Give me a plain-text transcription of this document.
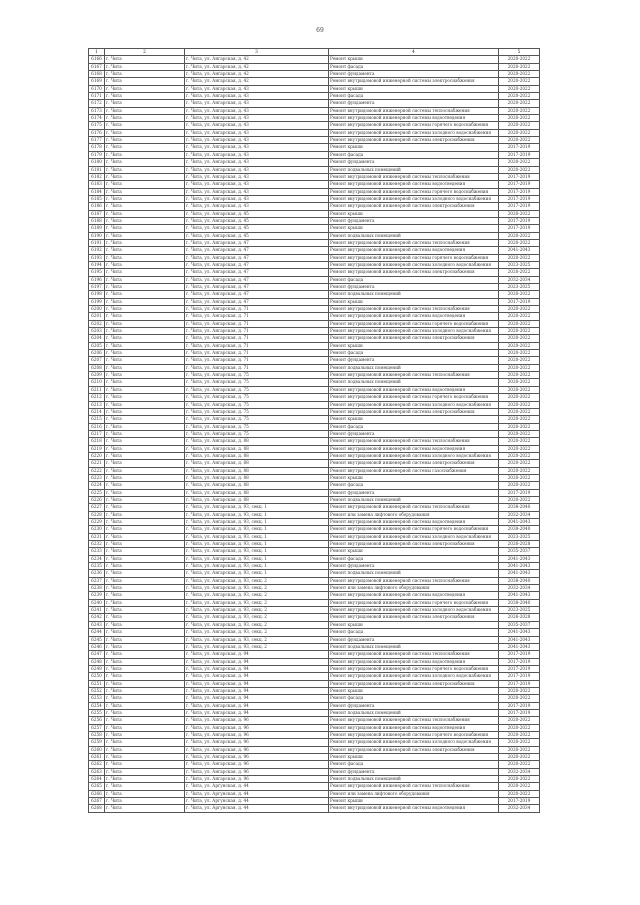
69
1	2	3	4	5
6166	г. Чита	г. Чита, ул. Ангарская, д. 42	Ремонт крыши	2020-2022
6167	г. Чита	г. Чита, ул. Ангарская, д. 42	Ремонт фасада	2020-2022
6168	г. Чита	г. Чита, ул. Ангарская, д. 42	Ремонт фундамента	2020-2022
6169	г. Чита	г. Чита, ул. Ангарская, д. 42	Ремонт внутридомовой инженерной системы электроснабжения	2020-2022
6170	г. Чита	г. Чита, ул. Ангарская, д. 43	Ремонт крыши	2020-2022
6171	г. Чита	г. Чита, ул. Ангарская, д. 43	Ремонт фасада	2020-2022
6172	г. Чита	г. Чита, ул. Ангарская, д. 43	Ремонт фундамента	2020-2022
6173	г. Чита	г. Чита, ул. Ангарская, д. 43	Ремонт внутридомовой инженерной системы теплоснабжения	2020-2022
6174	г. Чита	г. Чита, ул. Ангарская, д. 43	Ремонт внутридомовой инженерной системы водоотведения	2020-2022
6175	г. Чита	г. Чита, ул. Ангарская, д. 43	Ремонт внутридомовой инженерной системы горячего водоснабжения	2020-2022
6176	г. Чита	г. Чита, ул. Ангарская, д. 43	Ремонт внутридомовой инженерной системы холодного водоснабжения	2020-2022
6177	г. Чита	г. Чита, ул. Ангарская, д. 43	Ремонт внутридомовой инженерной системы электроснабжения	2020-2022
6178	г. Чита	г. Чита, ул. Ангарская, д. 43	Ремонт крыши	2017-2019
6179	г. Чита	г. Чита, ул. Ангарская, д. 43	Ремонт фасада	2017-2019
6180	г. Чита	г. Чита, ул. Ангарская, д. 43	Ремонт фундамента	2020-2022
6181	г. Чита	г. Чита, ул. Ангарская, д. 43	Ремонт подвальных помещений	2020-2022
6182	г. Чита	г. Чита, ул. Ангарская, д. 43	Ремонт внутридомовой инженерной системы теплоснабжения	2017-2019
6183	г. Чита	г. Чита, ул. Ангарская, д. 43	Ремонт внутридомовой инженерной системы водоотведения	2017-2019
6184	г. Чита	г. Чита, ул. Ангарская, д. 43	Ремонт внутридомовой инженерной системы горячего водоснабжения	2017-2019
6185	г. Чита	г. Чита, ул. Ангарская, д. 43	Ремонт внутридомовой инженерной системы холодного водоснабжения	2017-2019
6186	г. Чита	г. Чита, ул. Ангарская, д. 43	Ремонт внутридомовой инженерной системы электроснабжения	2017-2019
6187	г. Чита	г. Чита, ул. Ангарская, д. 45	Ремонт крыши	2020-2022
6188	г. Чита	г. Чита, ул. Ангарская, д. 45	Ремонт фундамента	2017-2019
6189	г. Чита	г. Чита, ул. Ангарская, д. 45	Ремонт крыши	2017-2019
6190	г. Чита	г. Чита, ул. Ангарская, д. 45	Ремонт подвальных помещений	2020-2022
6191	г. Чита	г. Чита, ул. Ангарская, д. 47	Ремонт внутридомовой инженерной системы теплоснабжения	2020-2022
6192	г. Чита	г. Чита, ул. Ангарская, д. 47	Ремонт внутридомовой инженерной системы водоотведения	2041-2043
6193	г. Чита	г. Чита, ул. Ангарская, д. 47	Ремонт внутридомовой инженерной системы горячего водоснабжения	2020-2022
6194	г. Чита	г. Чита, ул. Ангарская, д. 47	Ремонт внутридомовой инженерной системы холодного водоснабжения	2023-2025
6195	г. Чита	г. Чита, ул. Ангарская, д. 47	Ремонт внутридомовой инженерной системы электроснабжения	2020-2022
6196	г. Чита	г. Чита, ул. Ангарская, д. 47	Ремонт фасада	2032-2034
6197	г. Чита	г. Чита, ул. Ангарская, д. 47	Ремонт фундамента	2023-2025
6198	г. Чита	г. Чита, ул. Ангарская, д. 47	Ремонт подвальных помещений	2020-2022
6199	г. Чита	г. Чита, ул. Ангарская, д. 47	Ремонт крыши	2017-2019
6200	г. Чита	г. Чита, ул. Ангарская, д. 71	Ремонт внутридомовой инженерной системы теплоснабжения	2020-2022
6201	г. Чита	г. Чита, ул. Ангарская, д. 71	Ремонт внутридомовой инженерной системы водоотведения	2020-2022
6202	г. Чита	г. Чита, ул. Ангарская, д. 71	Ремонт внутридомовой инженерной системы горячего водоснабжения	2020-2022
6203	г. Чита	г. Чита, ул. Ангарская, д. 71	Ремонт внутридомовой инженерной системы холодного водоснабжения	2020-2022
6204	г. Чита	г. Чита, ул. Ангарская, д. 71	Ремонт внутридомовой инженерной системы электроснабжения	2020-2022
6205	г. Чита	г. Чита, ул. Ангарская, д. 71	Ремонт крыши	2020-2022
6206	г. Чита	г. Чита, ул. Ангарская, д. 71	Ремонт фасада	2020-2022
6207	г. Чита	г. Чита, ул. Ангарская, д. 71	Ремонт фундамента	2020-2022
6208	г. Чита	г. Чита, ул. Ангарская, д. 71	Ремонт подвальных помещений	2020-2022
6209	г. Чита	г. Чита, ул. Ангарская, д. 75	Ремонт внутридомовой инженерной системы теплоснабжения	2020-2022
6210	г. Чита	г. Чита, ул. Ангарская, д. 75	Ремонт подвальных помещений	2020-2022
6211	г. Чита	г. Чита, ул. Ангарская, д. 75	Ремонт внутридомовой инженерной системы водоотведения	2020-2022
6212	г. Чита	г. Чита, ул. Ангарская, д. 75	Ремонт внутридомовой инженерной системы горячего водоснабжения	2020-2022
6213	г. Чита	г. Чита, ул. Ангарская, д. 75	Ремонт внутридомовой инженерной системы холодного водоснабжения	2020-2022
6214	г. Чита	г. Чита, ул. Ангарская, д. 75	Ремонт внутридомовой инженерной системы электроснабжения	2020-2022
6215	г. Чита	г. Чита, ул. Ангарская, д. 75	Ремонт крыши	2020-2022
6216	г. Чита	г. Чита, ул. Ангарская, д. 75	Ремонт фасада	2020-2022
6217	г. Чита	г. Чита, ул. Ангарская, д. 75	Ремонт фундамента	2020-2022
6218	г. Чита	г. Чита, ул. Ангарская, д. 88	Ремонт внутридомовой инженерной системы теплоснабжения	2020-2022
6219	г. Чита	г. Чита, ул. Ангарская, д. 88	Ремонт внутридомовой инженерной системы водоотведения	2020-2022
6220	г. Чита	г. Чита, ул. Ангарская, д. 88	Ремонт внутридомовой инженерной системы холодного водоснабжения	2020-2022
6221	г. Чита	г. Чита, ул. Ангарская, д. 88	Ремонт внутридомовой инженерной системы электроснабжения	2020-2022
6222	г. Чита	г. Чита, ул. Ангарская, д. 88	Ремонт внутридомовой инженерной системы газоснабжения	2020-2022
6223	г. Чита	г. Чита, ул. Ангарская, д. 88	Ремонт крыши	2020-2022
6224	г. Чита	г. Чита, ул. Ангарская, д. 88	Ремонт фасада	2020-2022
6225	г. Чита	г. Чита, ул. Ангарская, д. 88	Ремонт фундамента	2017-2019
6226	г. Чита	г. Чита, ул. Ангарская, д. 88	Ремонт подвальных помещений	2020-2022
6227	г. Чита	г. Чита, ул. Ангарская, д. 93, секц. 1	Ремонт внутридомовой инженерной системы теплоснабжения	2038-2040
6228	г. Чита	г. Чита, ул. Ангарская, д. 93, секц. 1	Ремонт или замена лифтового оборудования	2032-2034
6229	г. Чита	г. Чита, ул. Ангарская, д. 93, секц. 1	Ремонт внутридомовой инженерной системы водоотведения	2041-2043
6230	г. Чита	г. Чита, ул. Ангарская, д. 93, секц. 1	Ремонт внутридомовой инженерной системы горячего водоснабжения	2038-2040
6231	г. Чита	г. Чита, ул. Ангарская, д. 93, секц. 1	Ремонт внутридомовой инженерной системы холодного водоснабжения	2023-2025
6232	г. Чита	г. Чита, ул. Ангарская, д. 93, секц. 1	Ремонт внутридомовой инженерной системы электроснабжения	2026-2028
6233	г. Чита	г. Чита, ул. Ангарская, д. 93, секц. 1	Ремонт крыши	2035-2037
6234	г. Чита	г. Чита, ул. Ангарская, д. 93, секц. 1	Ремонт фасада	2041-2043
6235	г. Чита	г. Чита, ул. Ангарская, д. 93, секц. 1	Ремонт фундамента	2041-2043
6236	г. Чита	г. Чита, ул. Ангарская, д. 93, секц. 1	Ремонт подвальных помещений	2041-2043
6237	г. Чита	г. Чита, ул. Ангарская, д. 93, секц. 2	Ремонт внутридомовой инженерной системы теплоснабжения	2038-2040
6238	г. Чита	г. Чита, ул. Ангарская, д. 93, секц. 2	Ремонт или замена лифтового оборудования	2032-2034
6239	г. Чита	г. Чита, ул. Ангарская, д. 93, секц. 2	Ремонт внутридомовой инженерной системы водоотведения	2041-2043
6240	г. Чита	г. Чита, ул. Ангарская, д. 93, секц. 2	Ремонт внутридомовой инженерной системы горячего водоснабжения	2038-2040
6241	г. Чита	г. Чита, ул. Ангарская, д. 93, секц. 2	Ремонт внутридомовой инженерной системы холодного водоснабжения	2023-2025
6242	г. Чита	г. Чита, ул. Ангарская, д. 93, секц. 2	Ремонт внутридомовой инженерной системы электроснабжения	2026-2028
6243	г. Чита	г. Чита, ул. Ангарская, д. 93, секц. 2	Ремонт крыши	2035-2037
6244	г. Чита	г. Чита, ул. Ангарская, д. 93, секц. 2	Ремонт фасада	2041-2043
6245	г. Чита	г. Чита, ул. Ангарская, д. 93, секц. 2	Ремонт фундамента	2041-2043
6246	г. Чита	г. Чита, ул. Ангарская, д. 93, секц. 2	Ремонт подвальных помещений	2041-2043
6247	г. Чита	г. Чита, ул. Ангарская, д. 94	Ремонт внутридомовой инженерной системы теплоснабжения	2017-2019
6248	г. Чита	г. Чита, ул. Ангарская, д. 94	Ремонт внутридомовой инженерной системы водоотведения	2017-2019
6249	г. Чита	г. Чита, ул. Ангарская, д. 94	Ремонт внутридомовой инженерной системы горячего водоснабжения	2017-2019
6250	г. Чита	г. Чита, ул. Ангарская, д. 94	Ремонт внутридомовой инженерной системы холодного водоснабжения	2017-2019
6251	г. Чита	г. Чита, ул. Ангарская, д. 94	Ремонт внутридомовой инженерной системы электроснабжения	2017-2019
6252	г. Чита	г. Чита, ул. Ангарская, д. 94	Ремонт крыши	2020-2022
6253	г. Чита	г. Чита, ул. Ангарская, д. 94	Ремонт фасада	2020-2022
6254	г. Чита	г. Чита, ул. Ангарская, д. 94	Ремонт фундамента	2017-2019
6255	г. Чита	г. Чита, ул. Ангарская, д. 94	Ремонт подвальных помещений	2017-2019
6256	г. Чита	г. Чита, ул. Ангарская, д. 96	Ремонт внутридомовой инженерной системы теплоснабжения	2020-2022
6257	г. Чита	г. Чита, ул. Ангарская, д. 96	Ремонт внутридомовой инженерной системы водоотведения	2020-2022
6258	г. Чита	г. Чита, ул. Ангарская, д. 96	Ремонт внутридомовой инженерной системы горячего водоснабжения	2020-2022
6259	г. Чита	г. Чита, ул. Ангарская, д. 96	Ремонт внутридомовой инженерной системы холодного водоснабжения	2020-2022
6260	г. Чита	г. Чита, ул. Ангарская, д. 96	Ремонт внутридомовой инженерной системы электроснабжения	2020-2022
6261	г. Чита	г. Чита, ул. Ангарская, д. 96	Ремонт крыши	2020-2022
6262	г. Чита	г. Чита, ул. Ангарская, д. 96	Ремонт фасада	2020-2022
6263	г. Чита	г. Чита, ул. Ангарская, д. 96	Ремонт фундамента	2032-2034
6264	г. Чита	г. Чита, ул. Ангарская, д. 96	Ремонт подвальных помещений	2020-2022
6265	г. Чита	г. Чита, ул. Аргунская, д. 44	Ремонт внутридомовой инженерной системы теплоснабжения	2020-2022
6266	г. Чита	г. Чита, ул. Аргунская, д. 44	Ремонт или замена лифтового оборудования	2020-2022
6267	г. Чита	г. Чита, ул. Аргунская, д. 44	Ремонт крыши	2017-2019
6268	г. Чита	г. Чита, ул. Аргунская, д. 44	Ремонт внутридомовой инженерной системы водоотведения	2032-2034
